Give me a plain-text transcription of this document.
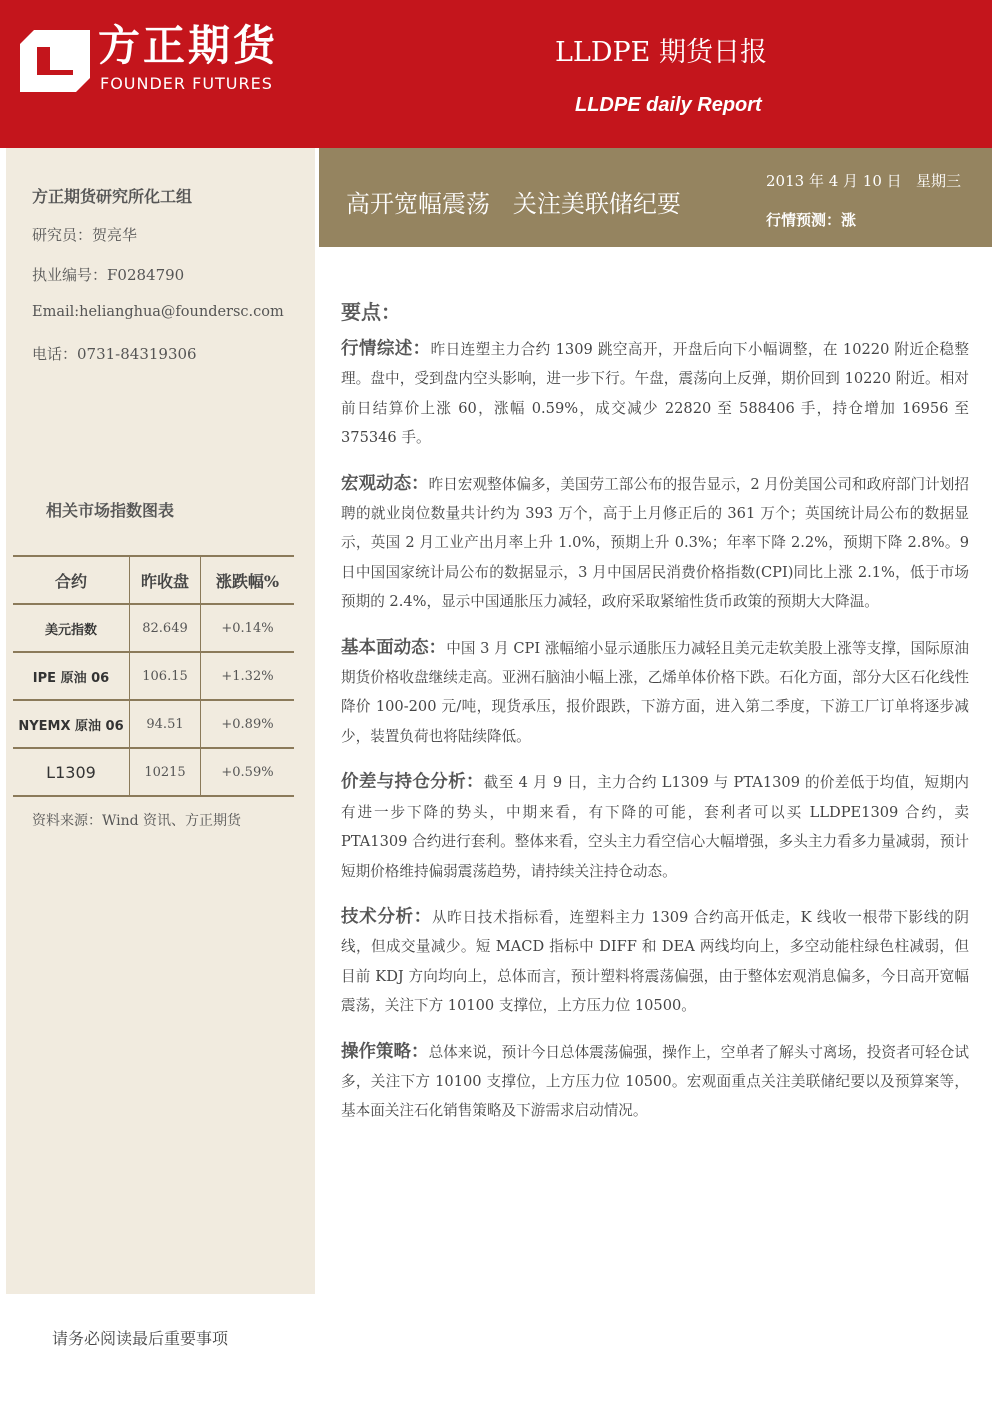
方正期货
FOUNDER FUTURES
LLDPE 期货日报
LLDPE daily Report
方正期货研究所化工组
研究员：贺亮华
执业编号：F0284790
Email:helianghua@foundersc.com
电话：0731-84319306
相关市场指数图表
合约	昨收盘	涨跌幅%
美元指数	82.649	+0.14%
IPE 原油 06	106.15	+1.32%
NYEMX 原油 06	94.51	+0.89%
L1309	10215	+0.59%
资料来源：Wind 资讯、方正期货
高开宽幅震荡   关注美联储纪要
2013 年 4 月 10 日   星期三
行情预测：涨
要点：

行情综述：昨日连塑主力合约 1309 跳空高开，开盘后向下小幅调整，在 10220 附近企稳整理。盘中，受到盘内空头影响，进一步下行。午盘，震荡向上反弹，期价回到 10220 附近。相对前日结算价上涨 60，涨幅 0.59%，成交减少 22820 至 588406 手，持仓增加 16956 至 375346 手。

宏观动态：昨日宏观整体偏多，美国劳工部公布的报告显示，2 月份美国公司和政府部门计划招聘的就业岗位数量共计约为 393 万个，高于上月修正后的 361 万个；英国统计局公布的数据显示，英国 2 月工业产出月率上升 1.0%，预期上升 0.3%；年率下降 2.2%，预期下降 2.8%。9 日中国国家统计局公布的数据显示，3 月中国居民消费价格指数(CPI)同比上涨 2.1%，低于市场预期的 2.4%，显示中国通胀压力减轻，政府采取紧缩性货币政策的预期大大降温。

基本面动态：中国 3 月 CPI 涨幅缩小显示通胀压力减轻且美元走软美股上涨等支撑，国际原油期货价格收盘继续走高。亚洲石脑油小幅上涨，乙烯单体价格下跌。石化方面，部分大区石化线性降价 100-200 元/吨，现货承压，报价跟跌，下游方面，进入第二季度，下游工厂订单将逐步减少，装置负荷也将陆续降低。

价差与持仓分析：截至 4 月 9 日，主力合约 L1309 与 PTA1309 的价差低于均值，短期内有进一步下降的势头，中期来看，有下降的可能，套利者可以买 LLDPE1309 合约，卖 PTA1309 合约进行套利。整体来看，空头主力看空信心大幅增强，多头主力看多力量减弱，预计短期价格维持偏弱震荡趋势，请持续关注持仓动态。

技术分析：从昨日技术指标看，连塑料主力 1309 合约高开低走，K 线收一根带下影线的阴线，但成交量减少。短 MACD 指标中 DIFF 和 DEA 两线均向上，多空动能柱绿色柱减弱，但目前 KDJ 方向均向上，总体而言，预计塑料将震荡偏强，由于整体宏观消息偏多，今日高开宽幅震荡，关注下方 10100 支撑位，上方压力位 10500。

操作策略：总体来说，预计今日总体震荡偏强，操作上，空单者了解头寸离场，投资者可轻仓试多，关注下方 10100 支撑位，上方压力位 10500。宏观面重点关注美联储纪要以及预算案等，基本面关注石化销售策略及下游需求启动情况。

请务必阅读最后重要事项
